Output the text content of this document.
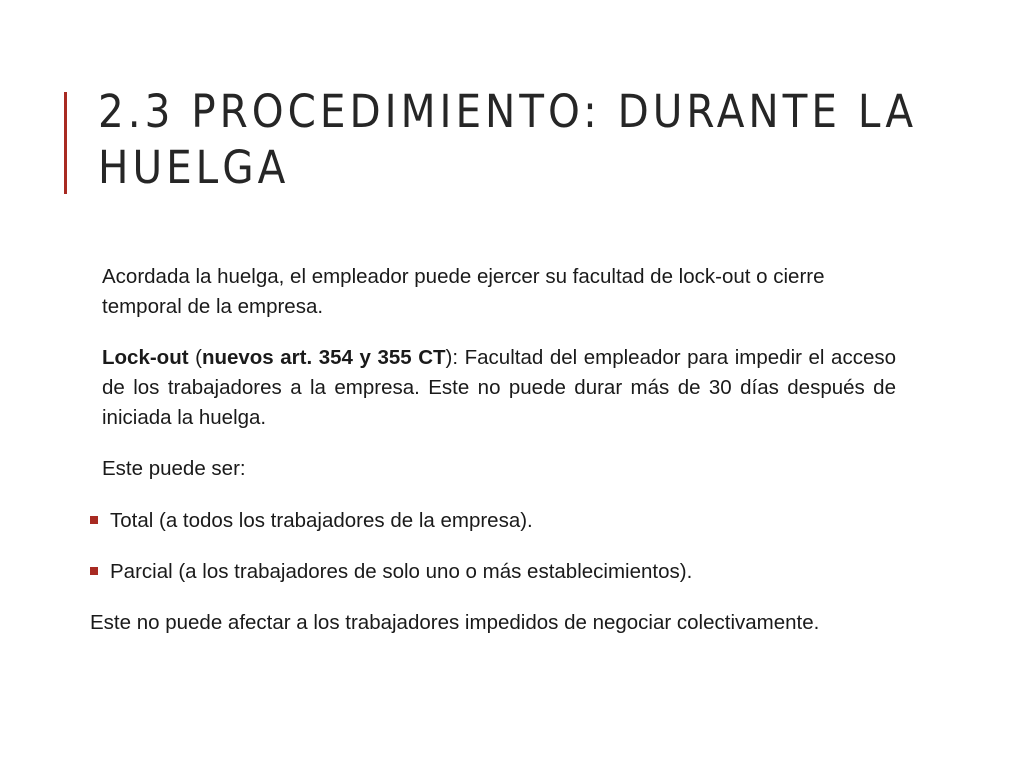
2.3 PROCEDIMIENTO: DURANTE LA HUELGA

Acordada la huelga, el empleador puede ejercer su facultad de lock-out o cierre temporal de la empresa.

Lock-out (nuevos art. 354 y 355 CT): Facultad del empleador para impedir el acceso de los trabajadores a la empresa. Este no puede durar más de 30 días después de iniciada la huelga.

Este puede ser:

Total (a todos los trabajadores de la empresa).
Parcial (a los trabajadores de solo uno o más establecimientos).

Este no puede afectar a los trabajadores impedidos de negociar colectivamente.
